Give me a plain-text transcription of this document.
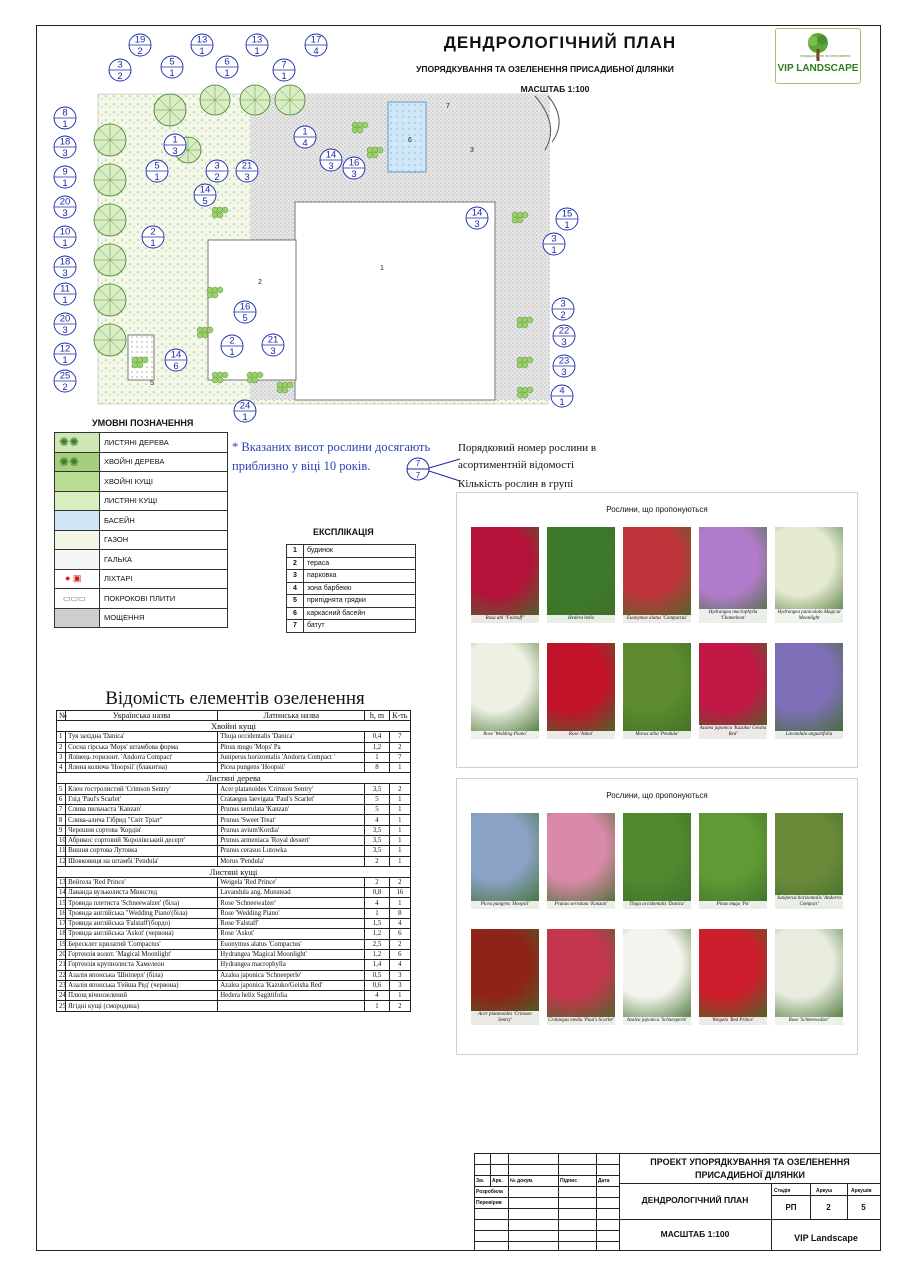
ДЕНДРОЛОГІЧНИЙ ПЛАН
УПОРЯДКУВАННЯ ТА ОЗЕЛЕНЕННЯ ПРИСАДИБНОЇ ДІЛЯНКИ
МАСШТАБ 1:100
ландшафтне проектування
VIP LANDSCAPE
1
2
3
5
6
7
19
2
13
1
13
1
17
4
3
2
5
1
6
1
7
1
8
1
18
3
1
3
1
4
14
3 16
3
9
1
5
1
3
2
21
3
20
3
14
5
10
1
2
1
14
3
15
1
3
1
18
3
11
1
16
5
3
2
20
3	22
3
12
1
2
1
21
3
25
2
14
6	23
3
4
1
24
1
УМОВНІ ПОЗНАЧЕННЯ
✺✺	ЛИСТЯНІ ДЕРЕВА
✺✺	ХВОЙНІ ДЕРЕВА
	ХВОЙНІ КУЩІ
	ЛИСТЯНІ КУЩІ
	БАСЕЙН
	ГАЗОН
	ГАЛЬКА
● ▣	ЛІХТАРІ
▭▭▭	ПОКРОКОВІ ПЛИТИ
	МОЩЕННЯ
* Вказаних висот рослини досягають приблизно у віці 10 років.
Порядковий номер рослини в асортиментній відомості
7
7
Кількість рослин в групі
ЕКСПЛІКАЦІЯ
1	будинок
2	тераса
3	парковка
4	зона барбекю
5	припіднята грядки
6	каркасний басейн
7	батут
Рослини, що пропонуються
Rosa abl "Falstaff"	Hedera helix	Euonymus alatus 'Compactus'
Hydrangea macrophylla 'Chameleon'
Hydrangea paniculata Magical Moonlight
Rose 'Wedding Piano'	Rose 'Askot'	Morus alba 'Pendula'
Azalea japonica 'Kazuko/ Geisha Red'	Lavandula angustifolia
Рослини, що пропонуються
Picea pungens 'Hoopsii'	Prunus serrulata 'Kanzan'	Thuja occidentalis 'Danica'	Pinus mugo 'Pa'
Juniperus horizontalis 'Andorra Compact'
Acer platanoides 'Crimson Sentry'	Crataegus media 'Paul's Scarlet'	Azalea japonica 'Schneeperle'	Weigela 'Red Prince'	Rose 'Schneewalzer'
Відомість елементів озеленення
№	Українська назва	Латинська назва	h, m	К-ть
Хвойні кущі				
1	Туя західна 'Danica'	Thuja occidentalis 'Danica'	0,4	7
2	Сосна гірська 'Mops' штамбова форма	Pinus mugo 'Mops' Pa	1,2	2
3	Ялівець горизонт. 'Andorra Compact'	Juniperus horizontalis 'Andorra Compact '	1	7
4	Ялина колюча 'Hoopsii' (блакитна)	Picea pungens 'Hoopsii'	8	1
Листяні дерева				
5	Клен гостролистий 'Crimson Sentry'	Acer platanoides 'Crimson Sentry'	3,5	2
6	Глід 'Paul's Scarlet'	Crataegus laevigata 'Paul's Scarlet'	5	1
7	Слива пильчаста 'Kanzan'	Prunus serrulata 'Kanzan'	5	1
8	Слива-алича Гібрид "Світ Тріат"	Prunus 'Sweet Treat'	4	1
9	Черешня сортова 'Кордія'	Prunus avium'Kordia'	3,5	1
10	Абрикос сортовий 'Королівський десерт'	Prunus armeniaca 'Royal dessert'	3,5	1
11	Вишня сортова Лутовка	Prunus cerasus Lutowka	3,5	1
12	Шовковиця на штамбі 'Pendula'	Morus 'Pendula'	2	1
Листяні кущі				
13	Вейгела 'Red Prince'	Weigela 'Red Prince'	2	2
14	Лаванда вузьколиста Мюнстед	Lavandula ang. Munstead	0,8	16
15	Троянда плетиста 'Schneewalzer' (біла)	Rose 'Schneewalzer'	4	1
16	Троянда англійська "Wedding Piano'(біла)	Rose 'Wedding Piano'	1	8
17	Троянда англійська 'Falstaff'(бордо)	Rose 'Falstaff'	1,5	4
18	Троянда англійська 'Askot' (червона)	Rose 'Askot'	1,2	6
19	Бересклет крилатий 'Compactus'	Euonymus alatus 'Compactus'	2,5	2
20	Гортензія волот. 'Magical Moonlight'	Hydrangea 'Magical Moonlight'	1,2	6
21	Гортензія крупнолиста Хамелеон	Hydrangea macrophylla	1,4	4
22	Азалія японська 'Шніперл' (біла)	Azalea japonica 'Schneeperle'	0,5	3
23	Азалія японська 'Гейша Ред' (червона)	Azalea japonica 'Kazuko/Geisha Red'	0,6	3
24	Плющ вічнозелений	Hedera helix Sagittifolia	4	1
25	Ягідні кущі (смородина)		1	2
Зм. Арк. № докум.	Підпис	Дата
Розробила
Перевірив
ПРОЕКТ УПОРЯДКУВАННЯ ТА ОЗЕЛЕНЕННЯ ПРИСАДИБНОЇ ДІЛЯНКИ
ДЕНДРОЛОГІЧНИЙ ПЛАН
МАСШТАБ 1:100	VIP Landscape
Стадія	Аркуш	Аркушів
РП	2	5
